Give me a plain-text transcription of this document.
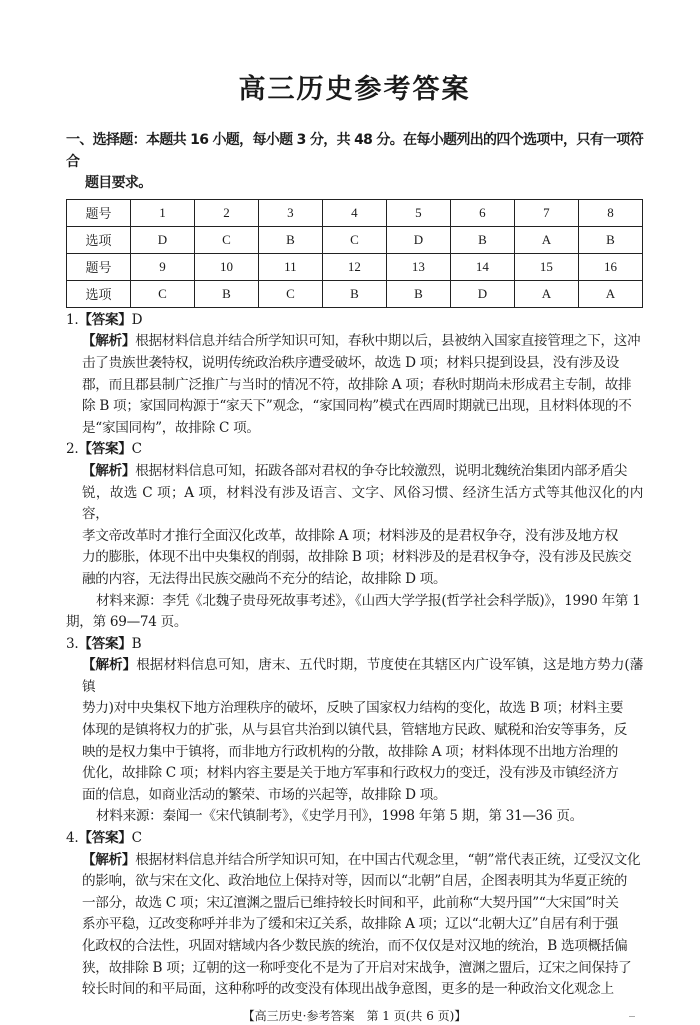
高三历史参考答案
一、选择题：本题共 16 小题，每小题 3 分，共 48 分。在每小题列出的四个选项中，只有一项符合
题目要求。
题号	1	2	3	4	5	6	7	8
选项	D	C	B	C	D	B	A	B
题号	9	10	11	12	13	14	15	16
选项	C	B	C	B	B	D	A	A
1.【答案】D
【解析】根据材料信息并结合所学知识可知，春秋中期以后，县被纳入国家直接管理之下，这冲
击了贵族世袭特权，说明传统政治秩序遭受破坏，故选 D 项；材料只提到设县，没有涉及设
郡，而且郡县制广泛推广与当时的情况不符，故排除 A 项；春秋时期尚未形成君主专制，故排
除 B 项；家国同构源于“家天下”观念，“家国同构”模式在西周时期就已出现，且材料体现的不
是“家国同构”，故排除 C 项。
2.【答案】C
【解析】根据材料信息可知，拓跋各部对君权的争夺比较激烈，说明北魏统治集团内部矛盾尖
锐，故选 C 项；A 项，材料没有涉及语言、文字、风俗习惯、经济生活方式等其他汉化的内容，
孝文帝改革时才推行全面汉化改革，故排除 A 项；材料涉及的是君权争夺，没有涉及地方权
力的膨胀，体现不出中央集权的削弱，故排除 B 项；材料涉及的是君权争夺，没有涉及民族交
融的内容，无法得出民族交融尚不充分的结论，故排除 D 项。
材料来源：李凭《北魏子贵母死故事考述》，《山西大学学报(哲学社会科学版)》，1990 年第 1
期，第 69—74 页。
3.【答案】B
【解析】根据材料信息可知，唐末、五代时期，节度使在其辖区内广设军镇，这是地方势力(藩镇
势力)对中央集权下地方治理秩序的破坏，反映了国家权力结构的变化，故选 B 项；材料主要
体现的是镇将权力的扩张，从与县官共治到以镇代县，管辖地方民政、赋税和治安等事务，反
映的是权力集中于镇将，而非地方行政机构的分散，故排除 A 项；材料体现不出地方治理的
优化，故排除 C 项；材料内容主要是关于地方军事和行政权力的变迁，没有涉及市镇经济方
面的信息，如商业活动的繁荣、市场的兴起等，故排除 D 项。
材料来源：秦闻一《宋代镇制考》，《史学月刊》，1998 年第 5 期，第 31—36 页。
4.【答案】C
【解析】根据材料信息并结合所学知识可知，在中国古代观念里，“朝”常代表正统，辽受汉文化
的影响，欲与宋在文化、政治地位上保持对等，因而以“北朝”自居，企图表明其为华夏正统的
一部分，故选 C 项；宋辽澶渊之盟后已维持较长时间和平，此前称“大契丹国”“大宋国”时关
系亦平稳，辽改变称呼并非为了缓和宋辽关系，故排除 A 项；辽以“北朝大辽”自居有利于强
化政权的合法性，巩固对辖域内各少数民族的统治，而不仅仅是对汉地的统治，B 选项概括偏
狭，故排除 B 项；辽朝的这一称呼变化不是为了开启对宋战争，澶渊之盟后，辽宋之间保持了
较长时间的和平局面，这种称呼的改变没有体现出战争意图，更多的是一种政治文化观念上
【高三历史·参考答案　第 1 页(共 6 页)】
